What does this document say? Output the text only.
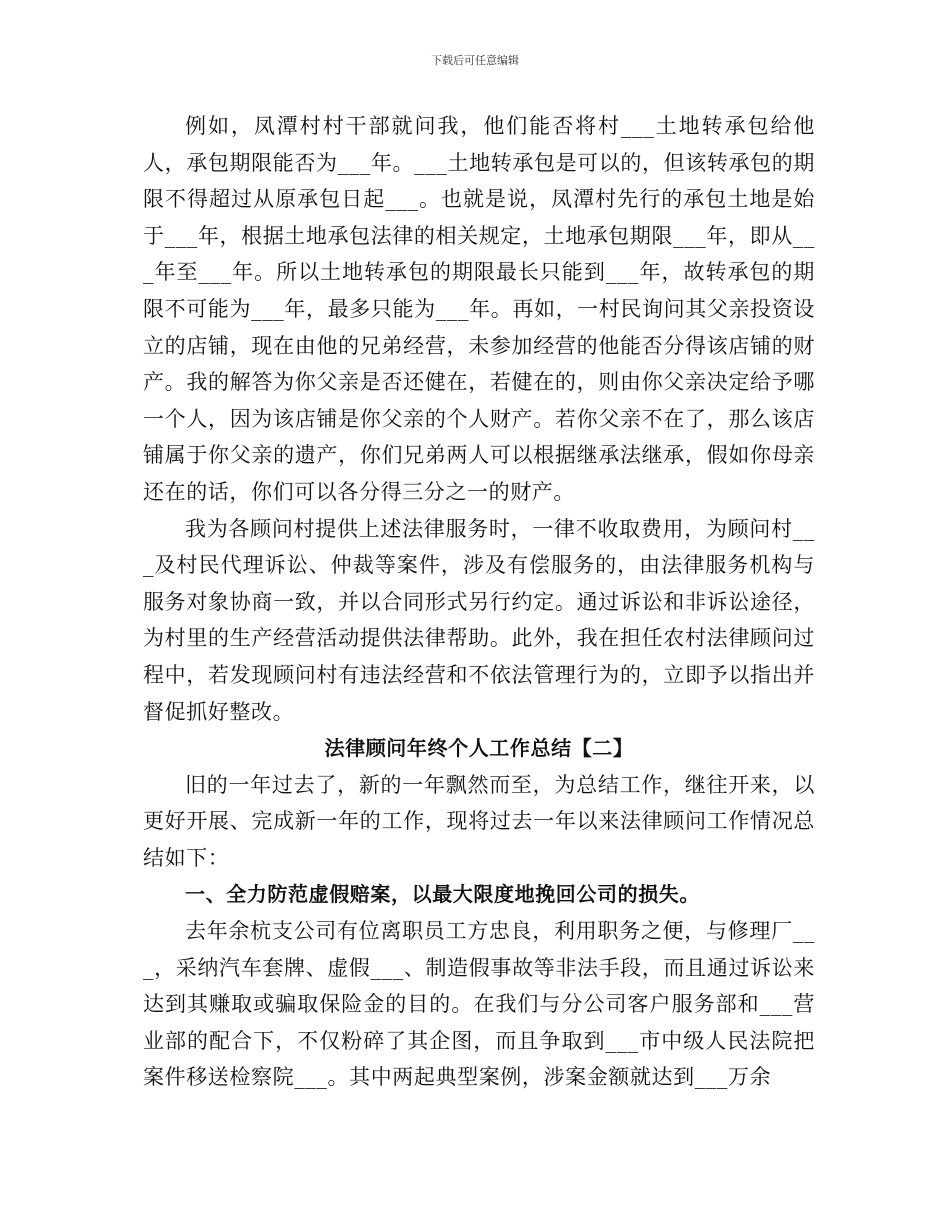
下载后可任意编辑

例如，凤潭村村干部就问我，他们能否将村___土地转承包给他人，承包期限能否为___年。___土地转承包是可以的，但该转承包的期限不得超过从原承包日起___。也就是说，凤潭村先行的承包土地是始于___年，根据土地承包法律的相关规定，土地承包期限___年，即从___年至___年。所以土地转承包的期限最长只能到___年，故转承包的期限不可能为___年，最多只能为___年。再如，一村民询问其父亲投资设立的店铺，现在由他的兄弟经营，未参加经营的他能否分得该店铺的财产。我的解答为你父亲是否还健在，若健在的，则由你父亲决定给予哪一个人，因为该店铺是你父亲的个人财产。若你父亲不在了，那么该店铺属于你父亲的遗产，你们兄弟两人可以根据继承法继承，假如你母亲还在的话，你们可以各分得三分之一的财产。

我为各顾问村提供上述法律服务时，一律不收取费用，为顾问村___及村民代理诉讼、仲裁等案件，涉及有偿服务的，由法律服务机构与服务对象协商一致，并以合同形式另行约定。通过诉讼和非诉讼途径，为村里的生产经营活动提供法律帮助。此外，我在担任农村法律顾问过程中，若发现顾问村有违法经营和不依法管理行为的，立即予以指出并督促抓好整改。

法律顾问年终个人工作总结【二】

旧的一年过去了，新的一年飘然而至，为总结工作，继往开来，以更好开展、完成新一年的工作，现将过去一年以来法律顾问工作情况总结如下：

一、全力防范虚假赔案，以最大限度地挽回公司的损失。

去年余杭支公司有位离职员工方忠良，利用职务之便，与修理厂___，采纳汽车套牌、虚假___、制造假事故等非法手段，而且通过诉讼来达到其赚取或骗取保险金的目的。在我们与分公司客户服务部和___营业部的配合下，不仅粉碎了其企图，而且争取到___市中级人民法院把案件移送检察院___。其中两起典型案例，涉案金额就达到___万余
